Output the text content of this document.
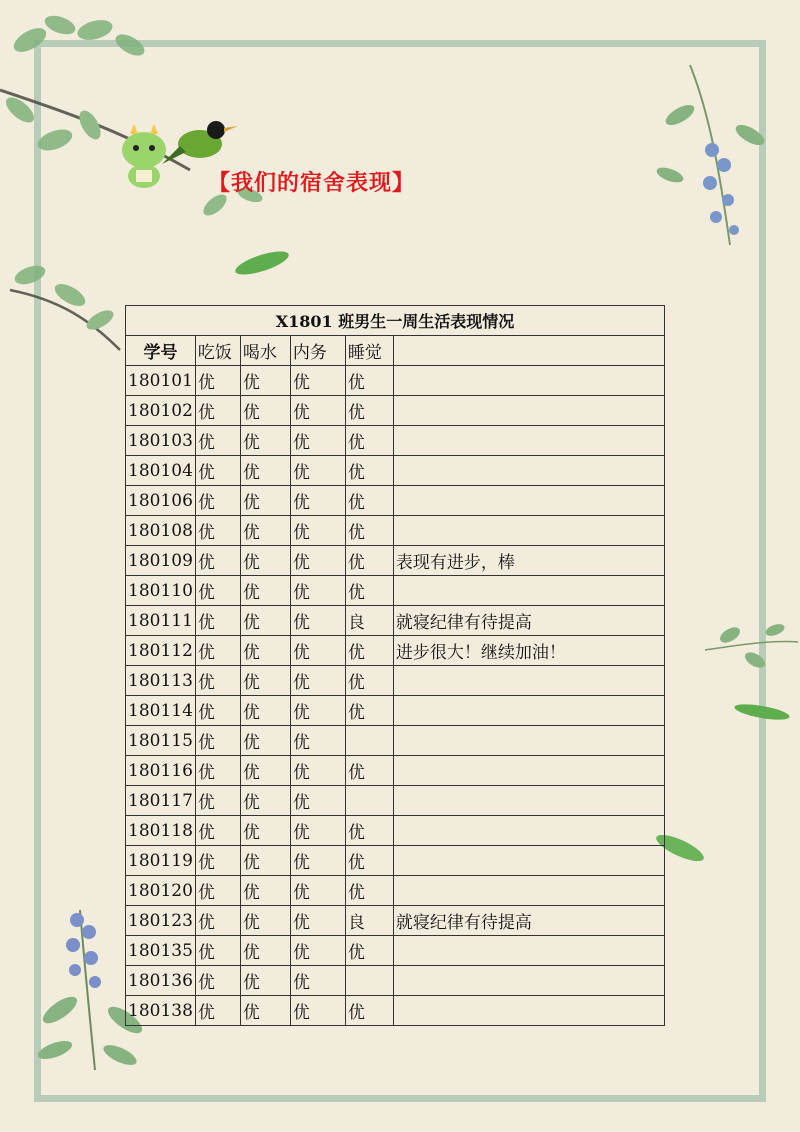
【我们的宿舍表现】
X1801 班男生一周生活表现情况					
学号	吃饭	喝水	内务	睡觉	
180101	优	优	优	优	
180102	优	优	优	优	
180103	优	优	优	优	
180104	优	优	优	优	
180106	优	优	优	优	
180108	优	优	优	优	
180109	优	优	优	优	表现有进步，棒
180110	优	优	优	优	
180111	优	优	优	良	就寝纪律有待提高
180112	优	优	优	优	进步很大！继续加油！
180113	优	优	优	优	
180114	优	优	优	优	
180115	优	优	优		
180116	优	优	优	优	
180117	优	优	优		
180118	优	优	优	优	
180119	优	优	优	优	
180120	优	优	优	优	
180123	优	优	优	良	就寝纪律有待提高
180135	优	优	优	优	
180136	优	优	优		
180138	优	优	优	优	
